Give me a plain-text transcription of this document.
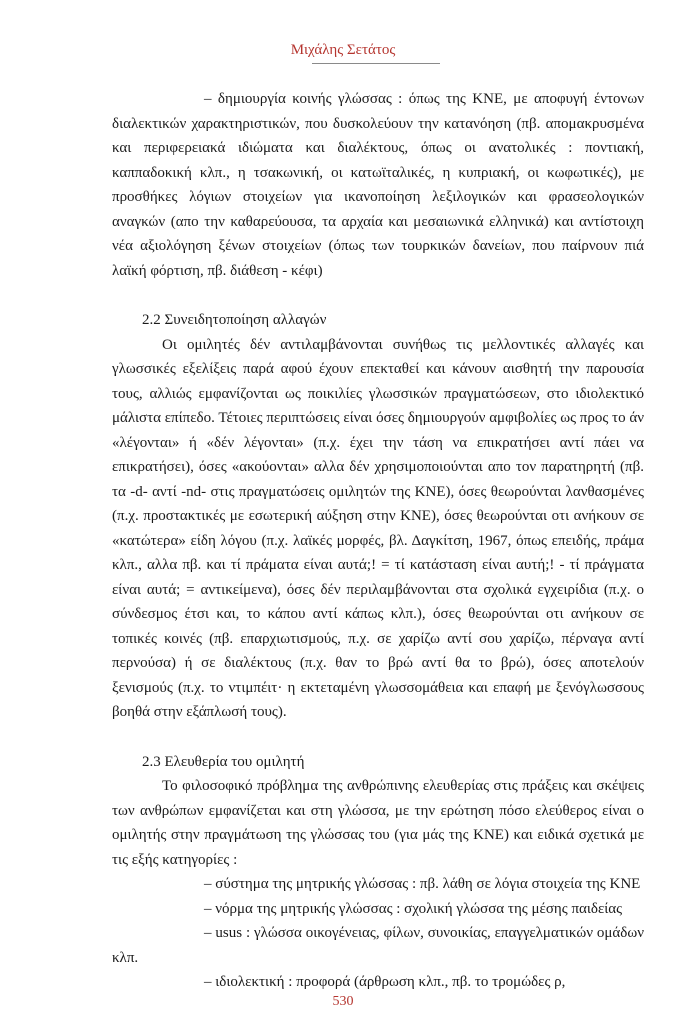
Μιχάλης Σετάτος

– δημιουργία κοινής γλώσσας : όπως της ΚΝΕ, με αποφυγή έντονων διαλεκτικών χαρακτηριστικών, που δυσκολεύουν την κατανόηση (πβ. απομακρυσμένα και περιφερειακά ιδιώματα και διαλέκτους, όπως οι ανατολικές : ποντιακή, καππαδοκική κλπ., η τσακωνική, οι κατωϊταλικές, η κυπριακή, οι κωφωτικές), με προσθήκες λόγιων στοιχείων για ικανοποίηση λεξιλογικών και φρασεολογικών αναγκών (απο την καθαρεύουσα, τα αρχαία και μεσαιωνικά ελληνικά) και αντίστοιχη νέα αξιολόγηση ξένων στοιχείων (όπως των τουρκικών δανείων, που παίρνουν πιά λαϊκή φόρτιση, πβ. διάθεση - κέφι)

2.2 Συνειδητοποίηση αλλαγών

Οι ομιλητές δέν αντιλαμβάνονται συνήθως τις μελλοντικές αλλαγές και γλωσσικές εξελίξεις παρά αφού έχουν επεκταθεί και κάνουν αισθητή την παρουσία τους, αλλιώς εμφανίζονται ως ποικιλίες γλωσσικών πραγματώσεων, στο ιδιολεκτικό μάλιστα επίπεδο. Τέτοιες περιπτώσεις είναι όσες δημιουργούν αμφιβολίες ως προς το άν «λέγονται» ή «δέν λέγονται» (π.χ. έχει την τάση να επικρατήσει αντί πάει να επικρατήσει), όσες «ακούονται» αλλα δέν χρησιμοποιούνται απο τον παρατηρητή (πβ. τα -d- αντί -nd- στις πραγματώσεις ομιλητών της ΚΝΕ), όσες θεωρούνται λανθασμένες (π.χ. προστακτικές με εσωτερική αύξηση στην ΚΝΕ), όσες θεωρούνται οτι ανήκουν σε «κατώτερα» είδη λόγου (π.χ. λαϊκές μορφές, βλ. Δαγκίτση, 1967, όπως επειδής, πράμα κλπ., αλλα πβ. και τί πράματα είναι αυτά;! = τί κατάσταση είναι αυτή;! - τί πράγματα είναι αυτά; = αντικείμενα), όσες δέν περιλαμβάνονται στα σχολικά εγχειρίδια (π.χ. ο σύνδεσμος έτσι και, το κάπου αντί κάπως κλπ.), όσες θεωρούνται οτι ανήκουν σε τοπικές κοινές (πβ. επαρχιωτισμούς, π.χ. σε χαρίζω αντί σου χαρίζω, πέρναγα αντί περνούσα) ή σε διαλέκτους (π.χ. θαν το βρώ αντί θα το βρώ), όσες αποτελούν ξενισμούς (π.χ. το ντιμπέιτ· η εκτεταμένη γλωσσομάθεια και επαφή με ξενόγλωσσους βοηθά στην εξάπλωσή τους).

2.3 Ελευθερία του ομιλητή

Το φιλοσοφικό πρόβλημα της ανθρώπινης ελευθερίας στις πράξεις και σκέψεις των ανθρώπων εμφανίζεται και στη γλώσσα, με την ερώτηση πόσο ελεύθερος είναι ο ομιλητής στην πραγμάτωση της γλώσσας του (για μάς της ΚΝΕ) και ειδικά σχετικά με τις εξής κατηγορίες :

– σύστημα της μητρικής γλώσσας : πβ. λάθη σε λόγια στοιχεία της ΚΝΕ

– νόρμα της μητρικής γλώσσας : σχολική γλώσσα της μέσης παιδείας

– usus : γλώσσα οικογένειας, φίλων, συνοικίας, επαγγελματικών ομάδων κλπ.

– ιδιολεκτική : προφορά (άρθρωση κλπ., πβ. το τρομώδες ρ,

530
